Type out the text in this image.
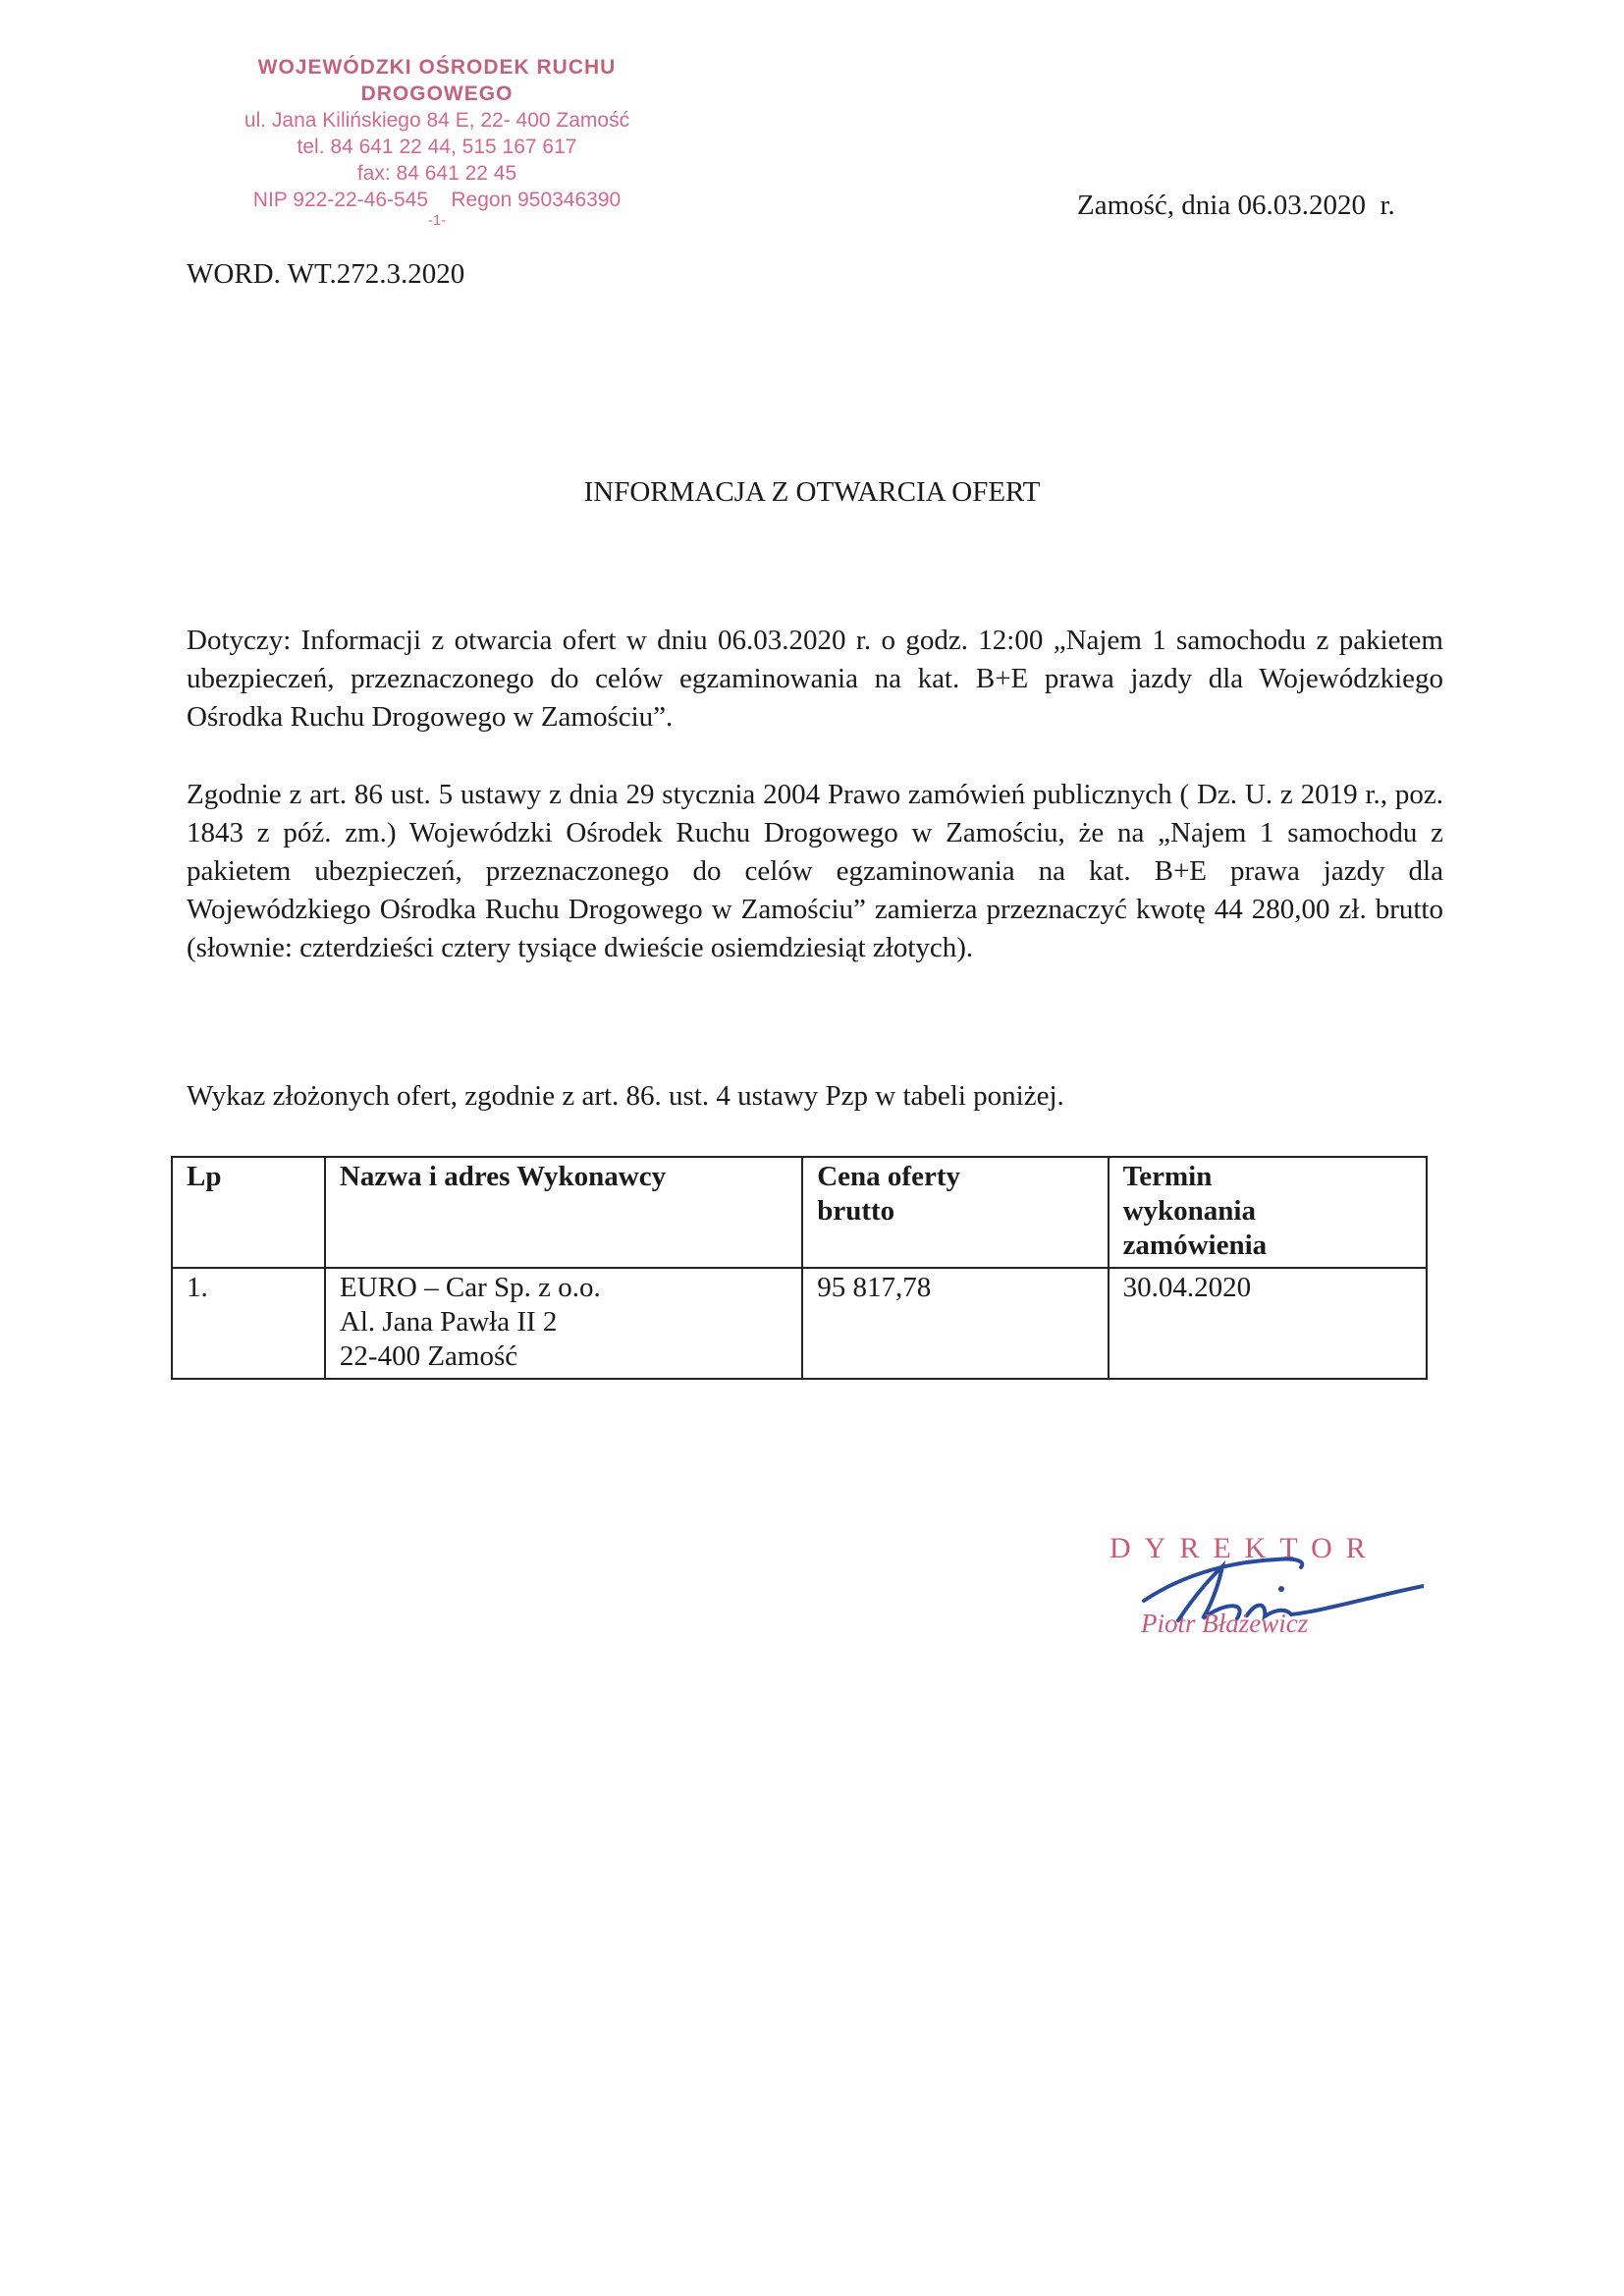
WOJEWÓDZKI OŚRODEK RUCHU DROGOWEGO
ul. Jana Kilińskiego 84 E, 22- 400 Zamość
tel. 84 641 22 44, 515 167 617
fax: 84 641 22 45
NIP 922-22-46-545    Regon 950346390
-1-	Zamość, dnia 06.03.2020  r.
WORD. WT.272.3.2020
INFORMACJA Z OTWARCIA OFERT
Dotyczy: Informacji z otwarcia ofert w dniu 06.03.2020 r. o godz. 12:00 „Najem 1 samochodu z pakietem ubezpieczeń, przeznaczonego do celów egzaminowania na kat. B+E prawa jazdy dla Wojewódzkiego Ośrodka Ruchu Drogowego w Zamościu”.
Zgodnie z art. 86 ust. 5 ustawy z dnia 29 stycznia 2004 Prawo zamówień publicznych ( Dz. U. z 2019 r., poz. 1843 z póź. zm.) Wojewódzki Ośrodek Ruchu Drogowego w Zamościu, że na „Najem 1 samochodu z pakietem ubezpieczeń, przeznaczonego do celów egzaminowania na kat. B+E prawa jazdy dla Wojewódzkiego Ośrodka Ruchu Drogowego w Zamościu” zamierza przeznaczyć kwotę 44 280,00 zł. brutto (słownie: czterdzieści cztery tysiące dwieście osiemdziesiąt złotych).
Wykaz złożonych ofert, zgodnie z art. 86. ust. 4 ustawy Pzp w tabeli poniżej.
Lp	Nazwa i adres Wykonawcy	Cena oferty brutto	Termin wykonania zamówienia

1.	EURO – Car Sp. z o.o.
Al. Jana Pawła II 2
22-400 Zamość	95 817,78	30.04.2020
DYREKTOR
Piotr Błażewicz
